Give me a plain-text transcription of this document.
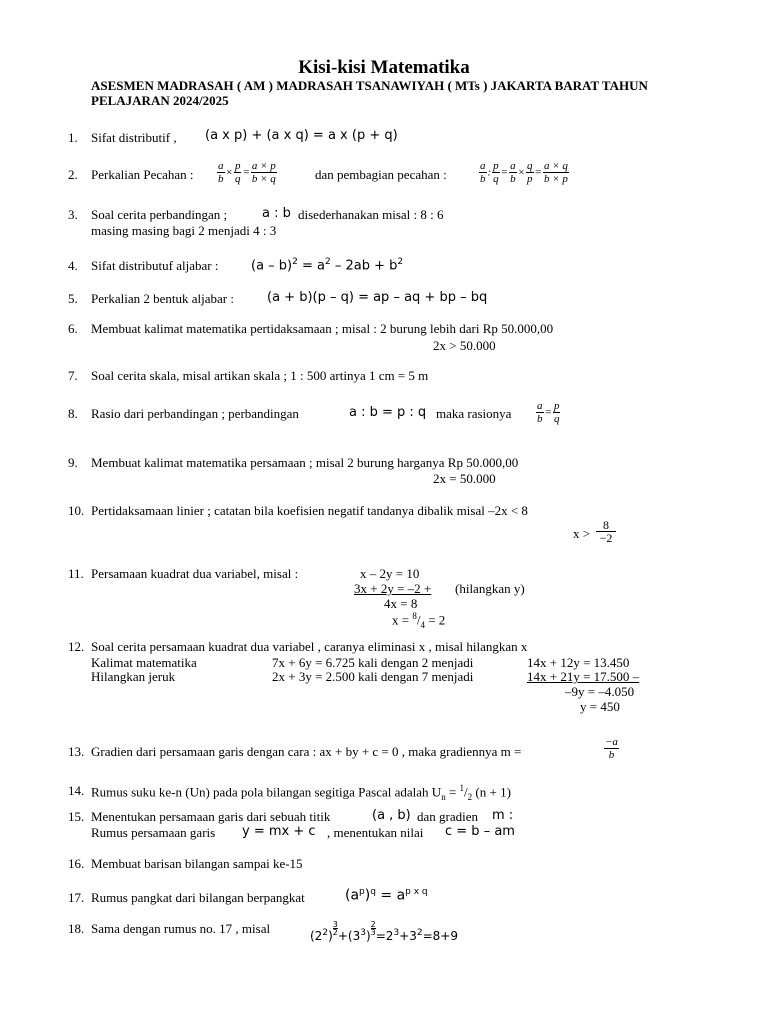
Kisi-kisi Matematika
ASESMEN MADRASAH ( AM ) MADRASAH TSANAWIYAH ( MTs ) JAKARTA BARAT TAHUN PELAJARAN 2024/2025
1. Sifat distributif , (a x p) + (a x q) = a x (p + q)
2. Perkalian Pecahan : $\frac{a}{b} \times \frac{p}{q} = \frac{a \times p}{b \times q}$	dan pembagian pecahan :	$\frac{a}{b}$ : $\frac{p}{q} = \frac{a}{b} \times \frac{q}{p} = \frac{a \times q}{b \times p}$
3. Soal cerita perbandingan ;	a : b disederhanakan misal : 8 : 6
masing masing bagi 2 menjadi 4 : 3
4. Sifat distributuf aljabar :	$(a - b)^2 = a^2 - 2ab + b^2$
5. Perkalian 2 bentuk aljabar :	(a + b)(p – q) = ap – aq + bp – bq
6. Membuat kalimat matematika pertidaksamaan ; misal : 2 burung lebih dari Rp 50.000,00
2x > 50.000
7. Soal cerita skala, misal artikan skala ; 1 : 500 artinya 1 cm = 5 m
8. Rasio dari perbandingan ; perbandingan	a : b = p : q maka rasionya $\frac{a}{b} = \frac{p}{q}$
9. Membuat kalimat matematika persamaan ; misal 2 burung harganya Rp 50.000,00
2x = 50.000
10. Pertidaksamaan linier ; catatan bila koefisien negatif tandanya dibalik misal –2x < 8
$x > \frac{8}{-2}$
11. Persamaan kuadrat dua variabel, misal :	x – 2y = 10
3x + 2y = –2 + (hilangkan y)
4x = 8
$x = ^8/_4 = 2$
12. Soal cerita persamaan kuadrat dua variabel , caranya eliminasi x , misal hilangkan x
Kalimat matematika	7x + 6y = 6.725 kali dengan 2 menjadi	14x + 12y = 13.450
Hilangkan jeruk	2x + 3y = 2.500 kali dengan 7 menjadi	14x + 21y = 17.500 –
–9y = –4.050
y = 450
13. Gradien dari persamaan garis dengan cara : ax + by + c = 0 , maka gradiennya m =	$\frac{-a}{b}$
14. Rumus suku ke-n (Un) pada pola bilangan segitiga Pascal adalah $U_n = ^1/_2$ (n + 1)
15. Menentukan persamaan garis dari sebuah titik	(a , b) dan gradien m :
Rumus persamaan garis y = mx + c , menentukan nilai c = b – am
16. Membuat barisan bilangan sampai ke-15
17. Rumus pangkat dari bilangan berpangkat	$(a^p)^q = a^{p x q}$
18. Sama dengan rumus no. 17 , misal	$(2^2)$ $^{\frac{3}{2}} +(3^3)$ $^{\frac{2}{3}} =2^3+3^2=8+9$
